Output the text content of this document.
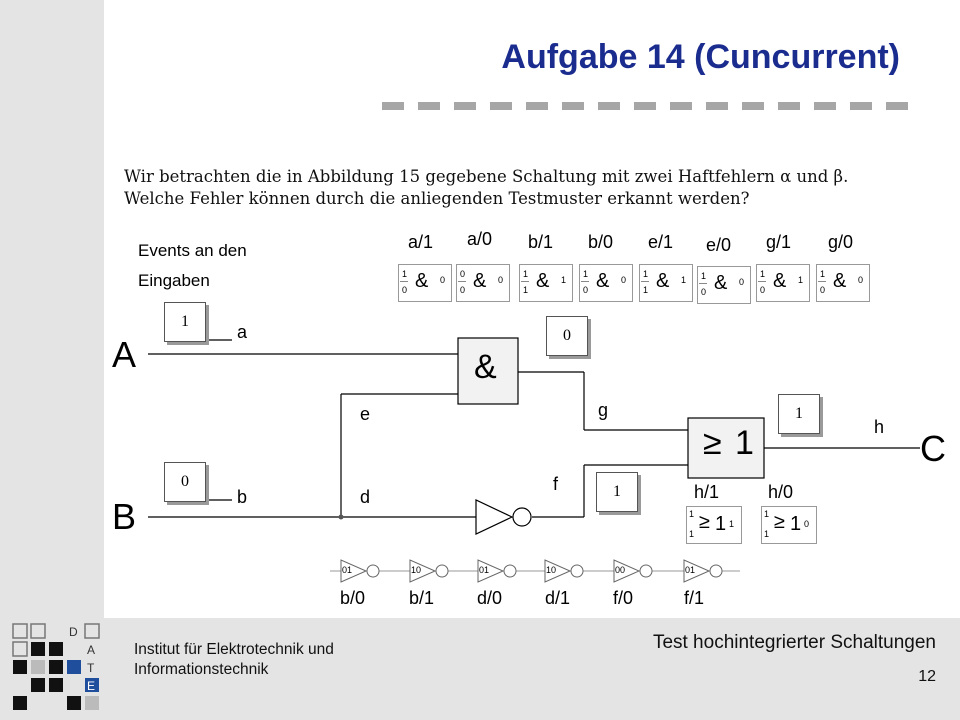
Aufgabe 14 (Cuncurrent)
Wir betrachten die in Abbildung 15 gegebene Schaltung mit zwei Haftfehlern α und β.
Welche Fehler können durch die anliegenden Testmuster erkannt werden?
Events an den
Eingaben
&
≥ 1
A
B
C
a
b
e
d
g
f
h
1
0
0
1
1
a/1 a/0 b/1 b/0 e/1 e/0 g/1 g/0
1
0 & 0
0
0 & 0
1
1 & 1
1
0 & 0
1
1 & 1 1
0 & 0
1
0 & 1
1
0 & 0
h/1	h/0
1
1
≥ 1 1
1
1
≥ 1 0
01	10	01	10	00	01
b/0 b/1 d/0 d/1 f/0	f/1
D
A
T
E
Institut für Elektrotechnik und
Informationstechnik
Test hochintegrierter Schaltungen
12
